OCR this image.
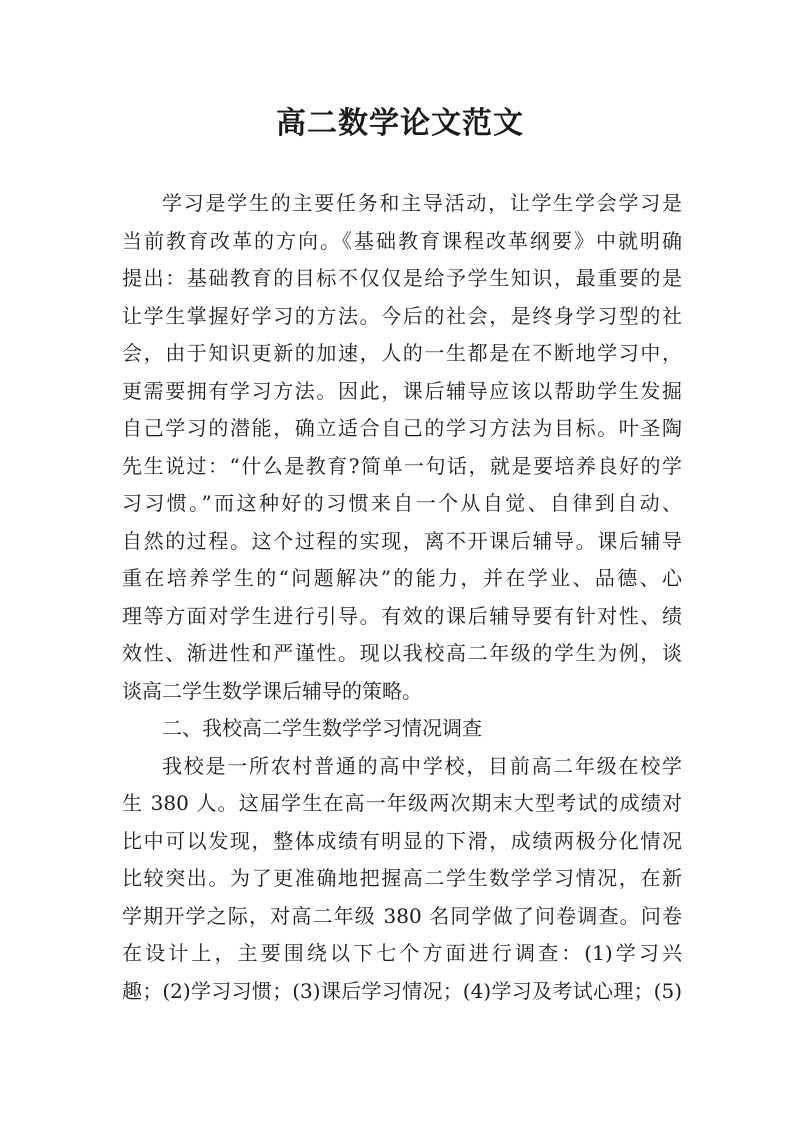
高二数学论文范文
学习是学生的主要任务和主导活动，让学生学会学习是
当前教育改革的方向。《基础教育课程改革纲要》中就明确
提出：基础教育的目标不仅仅是给予学生知识，最重要的是
让学生掌握好学习的方法。今后的社会，是终身学习型的社
会，由于知识更新的加速，人的一生都是在不断地学习中，
更需要拥有学习方法。因此，课后辅导应该以帮助学生发掘
自己学习的潜能，确立适合自己的学习方法为目标。叶圣陶
先生说过：“什么是教育?简单一句话，就是要培养良好的学
习习惯。”而这种好的习惯来自一个从自觉、自律到自动、
自然的过程。这个过程的实现，离不开课后辅导。课后辅导
重在培养学生的“问题解决”的能力，并在学业、品德、心
理等方面对学生进行引导。有效的课后辅导要有针对性、绩
效性、渐进性和严谨性。现以我校高二年级的学生为例，谈
谈高二学生数学课后辅导的策略。
二、我校高二学生数学学习情况调查
我校是一所农村普通的高中学校，目前高二年级在校学
生 380 人。这届学生在高一年级两次期末大型考试的成绩对
比中可以发现，整体成绩有明显的下滑，成绩两极分化情况
比较突出。为了更准确地把握高二学生数学学习情况，在新
学期开学之际，对高二年级 380 名同学做了问卷调查。问卷
在设计上，主要围绕以下七个方面进行调查：(1)学习兴
趣；(2)学习习惯；(3)课后学习情况；(4)学习及考试心理；(5)
